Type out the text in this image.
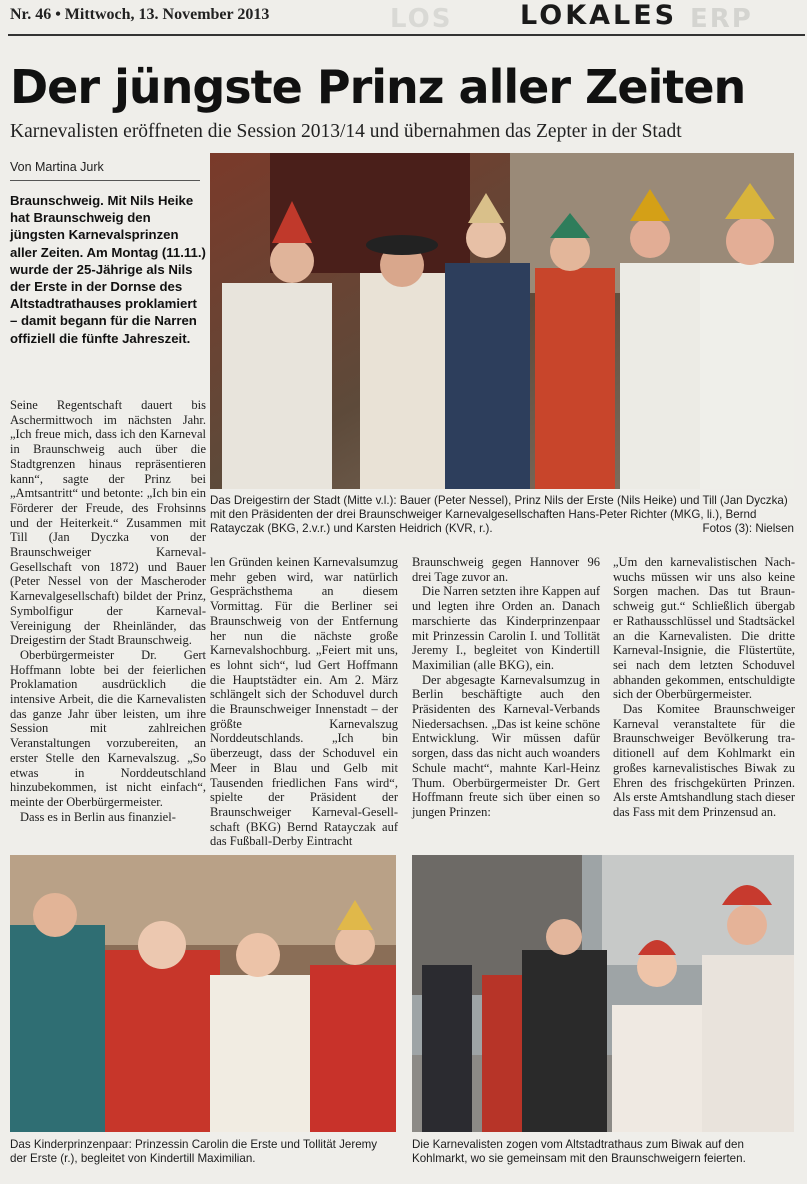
LOS
Nr. 46 • Mittwoch, 13. November 2013	LOKALES ERP
Der jüngste Prinz aller Zeiten
Karnevalisten eröffneten die Session 2013/14 und übernahmen das Zepter in der Stadt
Von Martina Jurk

Braunschweig. Mit Nils Heike hat Braunschweig den jüngsten Karnevalsprinzen aller Zeiten. Am Montag (11.11.) wurde der 25-Jährige als Nils der Erste in der Dornse des Altstadtrathauses proklamiert – damit begann für die Narren offiziell die fünfte Jahreszeit.

Seine Regentschaft dauert bis Aschermittwoch im nächsten Jahr. „Ich freue mich, dass ich den Karneval in Braunschweig auch über die Stadtgrenzen hinaus repräsentieren kann“, sagte der Prinz bei „Amtsantritt“ und betonte: „Ich bin ein Förderer der Freude, des Frohsinns und der Heiterkeit.“ Zusammen mit Till (Jan Dyczka von der Braunschweiger Karneval-Gesellschaft von 1872) und Bauer (Peter Nessel von der Mascheroder Karnevalgesellschaft) bildet der Prinz, Symbolfigur der Karneval-Vereinigung der Rheinländer, das Dreigestirn der Stadt Braunschweig.

Oberbürgermeister Dr. Gert Hoffmann lobte bei der feierlichen Proklamation ausdrücklich die intensive Arbeit, die die Karnevalisten das ganze Jahr über leisten, um ihre Session mit zahlreichen Veranstaltungen vorzubereiten, an erster Stelle den Karnevalszug. „So etwas in Norddeutschland hinzubekommen, ist nicht einfach“, meinte der Oberbürgermeister.

Dass es in Berlin aus finanziel-

Das Dreigestirn der Stadt (Mitte v.l.): Bauer (Peter Nessel), Prinz Nils der Erste (Nils Heike) und Till (Jan Dyczka) mit den Präsidenten der drei Braunschweiger Karnevalgesellschaften Hans-Peter Richter (MKG, li.), Bernd Ratayczak (BKG, 2.v.r.) und Karsten Heidrich (KVR, r.).	Fotos (3): Nielsen

len Gründen keinen Karnevalsumzug mehr geben wird, war natürlich Gesprächsthema an diesem Vormittag. Für die Berliner sei Braunschweig von der Entfernung her nun die nächste große Karnevalshochburg. „Feiert mit uns, es lohnt sich“, lud Gert Hoffmann die Hauptstädter ein. Am 2. März schlängelt sich der Schoduvel durch die Braunschweiger Innenstadt – der größte Karnevalszug Norddeutschlands. „Ich bin überzeugt, dass der Schoduvel ein Meer in Blau und Gelb mit Tausenden friedlichen Fans wird“, spielte der Präsident der Braunschweiger Karneval-Gesellschaft (BKG) Bernd Ratayczak auf das Fußball-Derby Eintracht

Braunschweig gegen Hannover 96 drei Tage zuvor an.

Die Narren setzten ihre Kappen auf und legten ihre Orden an. Danach marschierte das Kinderprinzenpaar mit Prinzessin Carolin I. und Tollität Jeremy I., begleitet von Kindertill Maximilian (alle BKG), ein.

Der abgesagte Karnevalsumzug in Berlin beschäftigte auch den Präsidenten des Karneval-Verbands Niedersachsen. „Das ist keine schöne Entwicklung. Wir müssen dafür sorgen, dass das nicht auch woanders Schule macht“, mahnte Karl-Heinz Thum. Oberbürgermeister Dr. Gert Hoffmann freute sich über einen so jungen Prinzen:

„Um den karnevalistischen Nachwuchs müssen wir uns also keine Sorgen machen. Das tut Braunschweig gut.“ Schließlich übergab er Rathausschlüssel und Stadtsäckel an die Karnevalisten. Die dritte Karneval-Insignie, die Flüstertüte, sei nach dem letzten Schoduvel abhanden gekommen, entschuldigte sich der Oberbürgermeister.

Das Komitee Braunschweiger Karneval veranstaltete für die Braunschweiger Bevölkerung traditionell auf dem Kohlmarkt ein großes karnevalistisches Biwak zu Ehren des frischgekürten Prinzen. Als erste Amtshandlung stach dieser das Fass mit dem Prinzensud an.

Das Kinderprinzenpaar: Prinzessin Carolin die Erste und Tollität Jeremy der Erste (r.), begleitet von Kindertill Maximilian.
Die Karnevalisten zogen vom Altstadtrathaus zum Biwak auf den Kohlmarkt, wo sie gemeinsam mit den Braunschweigern feierten.
